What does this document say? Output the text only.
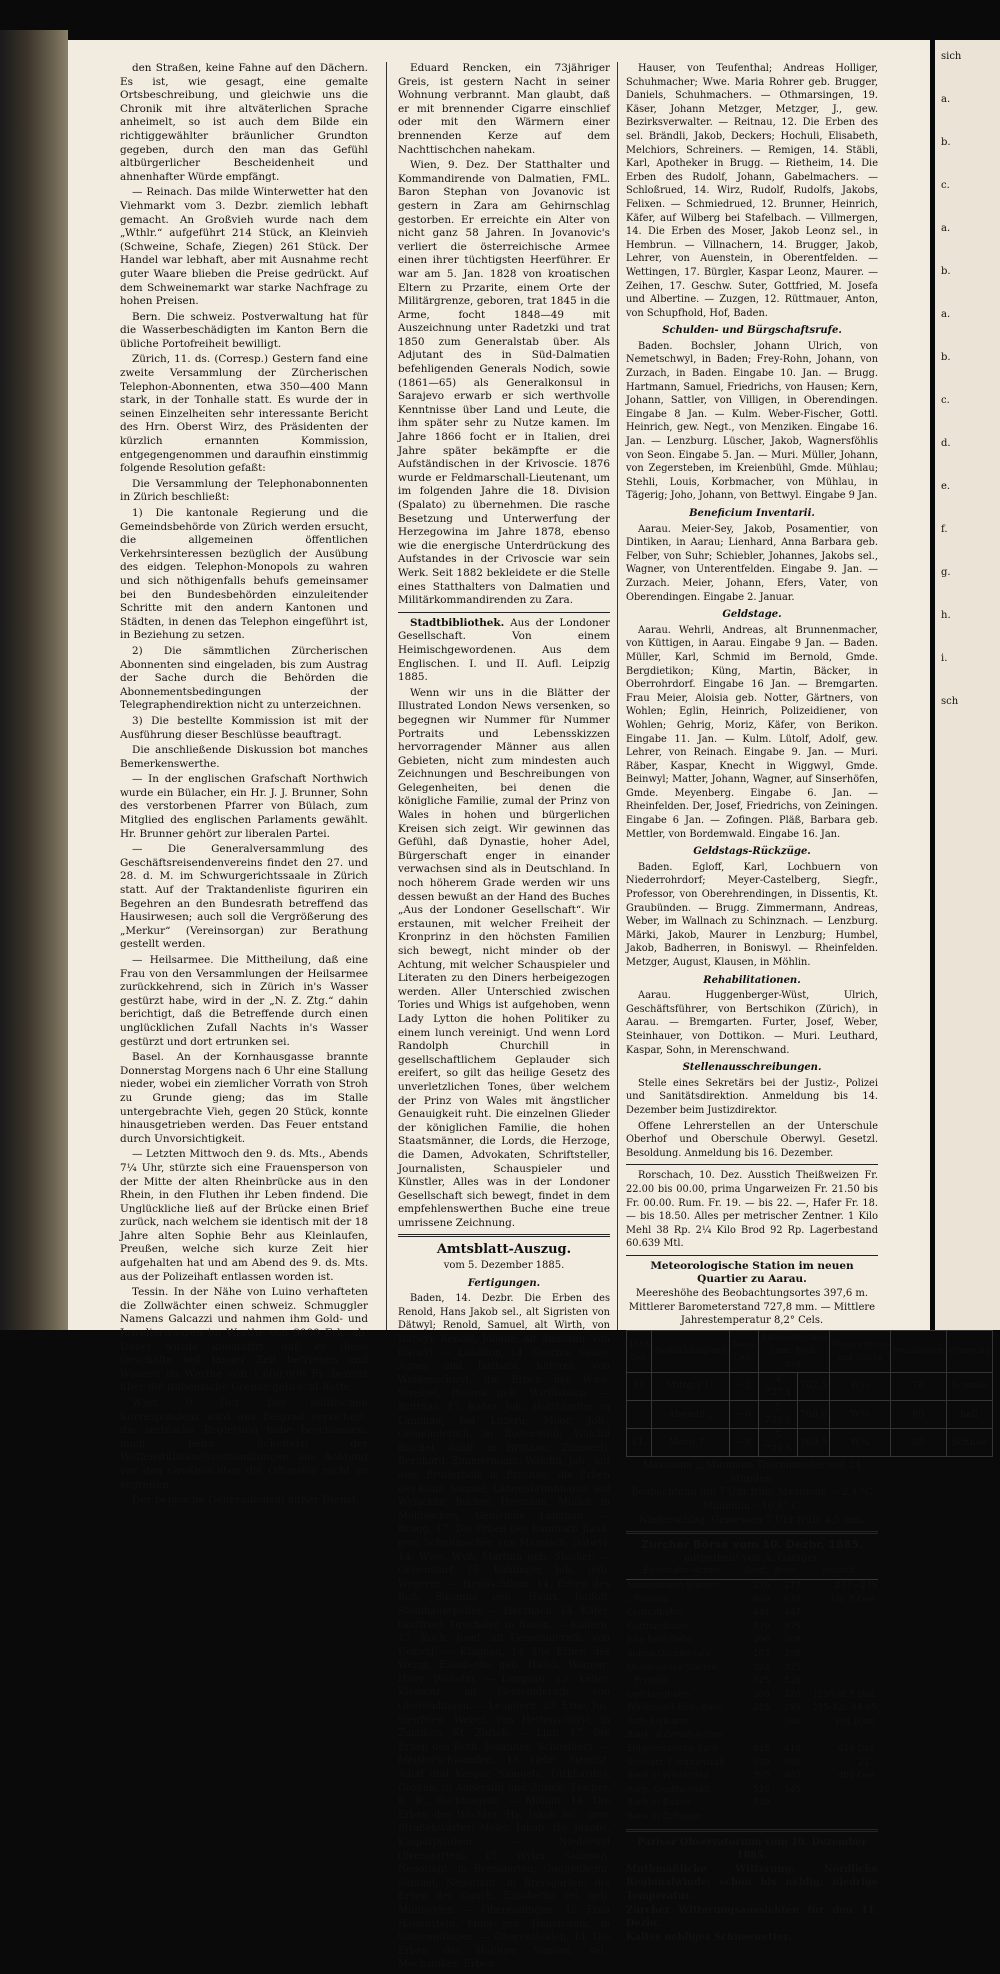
den Straßen, keine Fahne auf den Dächern. Es ist, wie gesagt, eine gemalte Ortsbeschreibung, und gleichwie uns die Chronik mit ihre altväterlichen Sprache anheimelt, so ist auch dem Bilde ein richtiggewählter bräunlicher Grundton gegeben, durch den man das Gefühl altbürgerlicher Bescheidenheit und ahnenhafter Würde empfängt.

— Reinach. Das milde Winterwetter hat den Viehmarkt vom 3. Dezbr. ziemlich lebhaft gemacht. An Großvieh wurde nach dem „Wthlr.“ aufgeführt 214 Stück, an Kleinvieh (Schweine, Schafe, Ziegen) 261 Stück. Der Handel war lebhaft, aber mit Ausnahme recht guter Waare blieben die Preise gedrückt. Auf dem Schweinemarkt war starke Nachfrage zu hohen Preisen.

Bern. Die schweiz. Postverwaltung hat für die Wasserbeschädigten im Kanton Bern die übliche Portofreiheit bewilligt.

Zürich, 11. ds. (Corresp.) Gestern fand eine zweite Versammlung der Zürcherischen Telephon-Abonnenten, etwa 350—400 Mann stark, in der Tonhalle statt. Es wurde der in seinen Einzelheiten sehr interessante Bericht des Hrn. Oberst Wirz, des Präsidenten der kürzlich ernannten Kommission, entgegengenommen und daraufhin einstimmig folgende Resolution gefaßt:

Die Versammlung der Telephonabonnenten in Zürich beschließt:

1) Die kantonale Regierung und die Gemeindsbehörde von Zürich werden ersucht, die allgemeinen öffentlichen Verkehrsinteressen bezüglich der Ausübung des eidgen. Telephon-Monopols zu wahren und sich nöthigenfalls behufs gemeinsamer bei den Bundesbehörden einzuleitender Schritte mit den andern Kantonen und Städten, in denen das Telephon eingeführt ist, in Beziehung zu setzen.

2) Die sämmtlichen Zürcherischen Abonnenten sind eingeladen, bis zum Austrag der Sache durch die Behörden die Abonnementsbedingungen der Telegraphendirektion nicht zu unterzeichnen.

3) Die bestellte Kommission ist mit der Ausführung dieser Beschlüsse beauftragt.

Die anschließende Diskussion bot manches Bemerkenswerthe.

— In der englischen Grafschaft Northwich wurde ein Bülacher, ein Hr. J. J. Brunner, Sohn des verstorbenen Pfarrer von Bülach, zum Mitglied des englischen Parlaments gewählt. Hr. Brunner gehört zur liberalen Partei.

— Die Generalversammlung des Geschäftsreisendenvereins findet den 27. und 28. d. M. im Schwurgerichtssaale in Zürich statt. Auf der Traktandenliste figuriren ein Begehren an den Bundesrath betreffend das Hausirwesen; auch soll die Vergrößerung des „Merkur“ (Vereinsorgan) zur Berathung gestellt werden.

— Heilsarmee. Die Mittheilung, daß eine Frau von den Versammlungen der Heilsarmee zurückkehrend, sich in Zürich in's Wasser gestürzt habe, wird in der „N. Z. Ztg.“ dahin berichtigt, daß die Betreffende durch einen unglücklichen Zufall Nachts in's Wasser gestürzt und dort ertrunken sei.

Basel. An der Kornhausgasse brannte Donnerstag Morgens nach 6 Uhr eine Stallung nieder, wobei ein ziemlicher Vorrath von Stroh zu Grunde gieng; das im Stalle untergebrachte Vieh, gegen 20 Stück, konnte hinausgetrieben werden. Das Feuer entstand durch Unvorsichtigkeit.

— Letzten Mittwoch den 9. ds. Mts., Abends 7¼ Uhr, stürzte sich eine Frauensperson von der Mitte der alten Rheinbrücke aus in den Rhein, in den Fluthen ihr Leben findend. Die Unglückliche ließ auf der Brücke einen Brief zurück, nach welchem sie identisch mit der 18 Jahre alten Sophie Behr aus Kleinlaufen, Preußen, welche sich kurze Zeit hier aufgehalten hat und am Abend des 9. ds. Mts. aus der Polizeihaft entlassen worden ist.

Tessin. In der Nähe von Luino verhafteten die Zollwächter einen schweiz. Schmuggler Namens Galcazzi und nahmen ihm Gold- und Juwelierwaaren im Werthe von 9000 Frk. ab. Dabei wurde konstatirt, daß er diese Geschäfte seit langer Zeit betrieben und Waaren im Werthe von 1,600,000 Fr. bereits über die italienische Grenze gebracht hatte.

Wien, 9. Dez. Der politischen Korrespondenz wird aus Belgrad versichert, die serbische Regierung habe beschlossen, auch beim Scheitern der Waffenstillstandsverhandlungen aus Achtung vor den Großmächten die Offensive nicht zu ergreifen.

Der belgische Generalkonsul außer Dienst

Eduard Rencken, ein 73jähriger Greis, ist gestern Nacht in seiner Wohnung verbrannt. Man glaubt, daß er mit brennender Cigarre einschlief oder mit den Wärmern einer brennenden Kerze auf dem Nachttischchen nahekam.

Wien, 9. Dez. Der Statthalter und Kommandirende von Dalmatien, FML. Baron Stephan von Jovanovic ist gestern in Zara am Gehirnschlag gestorben. Er erreichte ein Alter von nicht ganz 58 Jahren. In Jovanovic's verliert die österreichische Armee einen ihrer tüchtigsten Heerführer. Er war am 5. Jan. 1828 von kroatischen Eltern zu Przarite, einem Orte der Militärgrenze, geboren, trat 1845 in die Arme, focht 1848—49 mit Auszeichnung unter Radetzki und trat 1850 zum Generalstab über. Als Adjutant des in Süd-Dalmatien befehligenden Generals Nodich, sowie (1861—65) als Generalkonsul in Sarajevo erwarb er sich werthvolle Kenntnisse über Land und Leute, die ihm später sehr zu Nutze kamen. Im Jahre 1866 focht er in Italien, drei Jahre später bekämpfte er die Aufständischen in der Krivoscie. 1876 wurde er Feldmarschall-Lieutenant, um im folgenden Jahre die 18. Division (Spalato) zu übernehmen. Die rasche Besetzung und Unterwerfung der Herzegowina im Jahre 1878, ebenso wie die energische Unterdrückung des Aufstandes in der Crivoscie war sein Werk. Seit 1882 bekleidete er die Stelle eines Statthalters von Dalmatien und Militärkommandirenden zu Zara.

Stadtbibliothek. Aus der Londoner Gesellschaft. Von einem Heimischgewordenen. Aus dem Englischen. I. und II. Aufl. Leipzig 1885.

Wenn wir uns in die Blätter der Illustrated London News versenken, so begegnen wir Nummer für Nummer Portraits und Lebensskizzen hervorragender Männer aus allen Gebieten, nicht zum mindesten auch Zeichnungen und Beschreibungen von Gelegenheiten, bei denen die königliche Familie, zumal der Prinz von Wales in hohen und bürgerlichen Kreisen sich zeigt. Wir gewinnen das Gefühl, daß Dynastie, hoher Adel, Bürgerschaft enger in einander verwachsen sind als in Deutschland. In noch höherem Grade werden wir uns dessen bewußt an der Hand des Buches „Aus der Londoner Gesellschaft“. Wir erstaunen, mit welcher Freiheit der Kronprinz in den höchsten Familien sich bewegt, nicht minder ob der Achtung, mit welcher Schauspieler und Literaten zu den Diners herbeigezogen werden. Aller Unterschied zwischen Tories und Whigs ist aufgehoben, wenn Lady Lytton die hohen Politiker zu einem lunch vereinigt. Und wenn Lord Randolph Churchill in gesellschaftlichem Geplauder sich ereifert, so gilt das heilige Gesetz des unverletzlichen Tones, über welchem der Prinz von Wales mit ängstlicher Genauigkeit ruht. Die einzelnen Glieder der königlichen Familie, die hohen Staatsmänner, die Lords, die Herzoge, die Damen, Advokaten, Schriftsteller, Journalisten, Schauspieler und Künstler, Alles was in der Londoner Gesellschaft sich bewegt, findet in dem empfehlenswerthen Buche eine treue umrissene Zeichnung.

Amtsblatt-Auszug.
vom 5. Dezember 1885.
Fertigungen.

Baden, 14. Dezbr. Die Erben des Renold, Hans Jakob sel., alt Sigristen von Dätwyl; Renold, Samuel, alt Wirth, von Dätwyl; Renold, Johann, alt Ammann, von Dätwyl. — Lüblikon, 14. Geschw. Seiler, Agnes und Barbara, Käferes, von Wohlenschwyl; die Erben der Wwe. Streibel, Helena geb. Wirtlisbach. — Brittnau, 17. Räber, Joh., Holzhändler, in Langnau, bei Luzern; Moor, Joh., Gemeinderath, in Bodenwald; Wälchli Bischel, Adolf, in Brittnau; Zimmerli, Bernhard, Zimmermann; Wälchli, Joh., auf dem Bruderhöfli in Brittnau; die Erben des Kunz, Samuel, Längenbrunnhards, auf Wylacker; Bucher, Hermann, Müller, in Mehlsecken, Gemeinde Langnau. — Brugg, 17. Die Erben des Dambach Jlaak, gew. Schuhmacher, von Mandach; Dätwyl, 14. Wwe. Wyß, Martina geb. Stocker. — Gebenstorf, 15. Baldinger, Joh., geb. Wegerer. — Hendschiken, 14. Erben des Boß, Susanna geb. Hauri, Rudolf, Steinhauerpolier. — Herznach, 14. Käfer, Gottfried, Drechsler, in Baden. — Kallern, 15. Koch, Josef, alt Gemeinderath, von Uezwyl. — Kingnau, 14. Die Erben des Wengi, Elisabetha geb. Häfeli, Wagner; Hauy, Wilhelm. — Lengnau, 13. Keller, Klemenz, alt Gemeinderath, von Oberendingen. — Leuggern, 13. Erne, Jos. Siegfried, Weber, von Hettenschwyl, in Zumikon, Kt. Zürich. — Linn, 17. Die Erben des Roth, Johannes, Schneiders. — Meisterschwanden, 13 Gebr. Siegrist, Adolf und Kaspar, Samuels, Turkhardes, Großen, in Außersihl und Zürich; Fischer, K. R., Rechtsagent. — Möhlin, 14. Die Erben des Wächter, Hs. Jakob sel., gew. Straßenwärter; Meier, Jakob, Hs. Jakobs, Kasparjakoben. — Niederwyl (Bremgarten), 15. Wyler, Salomon, Negotiant, in Bremgarten; Guggenheim, Samuel, Negotiant, in Bremgarten; die Erben der Gauch, Elisabetha sel. geb. Muntwyler. — Oberendingen, 15 Frau Hauenstein, Mina geb. Hauenstein, in Unterendingen. — Oberentfelden, 14. Die Erben des Holliger, Samuel, sel., Mechaniker; Erben

Hauser, von Teufenthal; Andreas Holliger, Schuhmacher; Wwe. Maria Rohrer geb. Brugger, Daniels, Schuhmachers. — Othmarsingen, 19. Käser, Johann Metzger, Metzger, J., gew. Bezirksverwalter. — Reitnau, 12. Die Erben des sel. Brändli, Jakob, Deckers; Hochuli, Elisabeth, Melchiors, Schreiners. — Remigen, 14. Stäbli, Karl, Apotheker in Brugg. — Rietheim, 14. Die Erben des Rudolf, Johann, Gabelmachers. — Schloßrued, 14. Wirz, Rudolf, Rudolfs, Jakobs, Felixen. — Schmiedrued, 12. Brunner, Heinrich, Käfer, auf Wilberg bei Stafelbach. — Villmergen, 14. Die Erben des Moser, Jakob Leonz sel., in Hembrun. — Villnachern, 14. Brugger, Jakob, Lehrer, von Auenstein, in Oberentfelden. — Wettingen, 17. Bürgler, Kaspar Leonz, Maurer. — Zeihen, 17. Geschw. Suter, Gottfried, M. Josefa und Albertine. — Zuzgen, 12. Rüttmauer, Anton, von Schupfhold, Hof, Baden.

Schulden- und Bürgschaftsrufe.

Baden. Bochsler, Johann Ulrich, von Nemetschwyl, in Baden; Frey-Rohn, Johann, von Zurzach, in Baden. Eingabe 10. Jan. — Brugg. Hartmann, Samuel, Friedrichs, von Hausen; Kern, Johann, Sattler, von Villigen, in Oberendingen. Eingabe 8 Jan. — Kulm. Weber-Fischer, Gottl. Heinrich, gew. Negt., von Menziken. Eingabe 16. Jan. — Lenzburg. Lüscher, Jakob, Wagnersföhlis von Seon. Eingabe 5. Jan. — Muri. Müller, Johann, von Zegersteben, im Kreienbühl, Gmde. Mühlau; Stehli, Louis, Korbmacher, von Mühlau, in Tägerig; Joho, Johann, von Bettwyl. Eingabe 9 Jan.

Beneficium Inventarii.

Aarau. Meier-Sey, Jakob, Posamentier, von Dintiken, in Aarau; Lienhard, Anna Barbara geb. Felber, von Suhr; Schiebler, Johannes, Jakobs sel., Wagner, von Unterentfelden. Eingabe 9. Jan. — Zurzach. Meier, Johann, Efers, Vater, von Oberendingen. Eingabe 2. Januar.

Geldstage.

Aarau. Wehrli, Andreas, alt Brunnenmacher, von Küttigen, in Aarau. Eingabe 9 Jan. — Baden. Müller, Karl, Schmid im Bernold, Gmde. Bergdietikon; Küng, Martin, Bäcker, in Oberrohrdorf. Eingabe 16 Jan. — Bremgarten. Frau Meier, Aloisia geb. Notter, Gärtners, von Wohlen; Eglin, Heinrich, Polizeidiener, von Wohlen; Gehrig, Moriz, Käfer, von Berikon. Eingabe 11. Jan. — Kulm. Lütolf, Adolf, gew. Lehrer, von Reinach. Eingabe 9. Jan. — Muri. Räber, Kaspar, Knecht in Wiggwyl, Gmde. Beinwyl; Matter, Johann, Wagner, auf Sinserhöfen, Gmde. Meyenberg. Eingabe 6. Jan. — Rheinfelden. Der, Josef, Friedrichs, von Zeiningen. Eingabe 6 Jan. — Zofingen. Pläß, Barbara geb. Mettler, von Bordemwald. Eingabe 16. Jan.

Geldstags-Rückzüge.

Baden. Egloff, Karl, Lochbuern von Niederrohrdorf; Meyer-Castelberg, Siegfr., Professor, von Oberehrendingen, in Dissentis, Kt. Graubünden. — Brugg. Zimmermann, Andreas, Weber, im Wallnach zu Schinznach. — Lenzburg. Märki, Jakob, Maurer in Lenzburg; Humbel, Jakob, Badherren, in Boniswyl. — Rheinfelden. Metzger, August, Klausen, in Möhlin.

Rehabilitationen.

Aarau. Huggenberger-Wüst, Ulrich, Geschäftsführer, von Bertschikon (Zürich), in Aarau. — Bremgarten. Furter, Josef, Weber, Steinhauer, von Dottikon. — Muri. Leuthard, Kaspar, Sohn, in Merenschwand.

Stellenausschreibungen.

Stelle eines Sekretärs bei der Justiz-, Polizei und Sanitätsdirektion. Anmeldung bis 14. Dezember beim Justizdirektor.

Offene Lehrerstellen an der Unterschule Oberhof und Oberschule Oberwyl. Gesetzl. Besoldung. Anmeldung bis 16. Dezember.

Rorschach, 10. Dez. Ausstich Theißweizen Fr. 22.00 bis 00.00, prima Ungarweizen Fr. 21.50 bis Fr. 00.00. Rum. Fr. 19. — bis 22. —, Hafer Fr. 18. — bis 18.50. Alles per metrischer Zentner. 1 Kilo Mehl 38 Rp. 2¼ Kilo Brod 92 Rp. Lagerbestand 60.639 Mtl.

Meteorologische Station im neuen Quartier zu Aarau.
Meereshöhe des Beobachtungsortes 397,6 m.
Mittlerer Barometerstand 727,8 mm. — Mittlere Jahrestemperatur 8,2° Cels.
1885 Dez.	Beobachtungszeit	Temp. Cels.	Barometerstand i.mm. Beob. Red.		Windrichtung und Stärke	Feuchtigkeit	Witterung
10	Mittg.1 U.	−2	4 727,1	762,5	W¼	76	Schnee
	Abend9 „	−6	5 732,6	768,0	W¼	80	hell
11.	Morg.7 „	−8	5 733,5	769,3	W¼	85	Schnee
Maximum △ Minimum Thermometer seit 24 Stunden.
Beobachtung um 7 Uhr früh: Maximum − 2,4 °C
Minimum −10,8° C.
Niederschlag. Gemessen 7 Uhr früh: 4,5 mm.
Zürcher Börse vom 10. Dezbr. 1885.
mitgetheilt von A. Gamper.
Eisenbahn-Actien.	Geld.	Brief.	bezahlt.
Nordostbahn Stamm	276	277	277—279
„ Priorität	660	670	[dt. 5 Dez.
Centralbahn	441	447	
Gotthardbahn	570	575	
Jura-Bern-Bahn	206	208	
Suisse Occidentale	107	108	
Union-suisse Stamm	324	325	
„ Priorität	525	528	
Uetlibergbahn	200	220	[290 dt.5 Dez.
Wädenswil-Eins.-Bahn	285	295	285-82c-88-85
Arth-Rigibahn		300	101 [Dez.
Bank- & Credit-Actien.			
Eidgenössische Bank	415	418	418 Dez.
Schweiz. Creditanstalt	680	690	21 „
Bank in Winterthur	395	403	400 Dez.
Aarg. Creditanstalt	520	545	
Bank in Baden	550		
Bank in Zofingen			
Pariser Observatorium vom 10. Dezember 1885.
Muthmaßliche Witterung: Nördliche Regionalwinde; schön bis neblig; niedrige Temperatur.
Zürcher Witterungsaussichten für den 11. Dezbr.
Kaltes nebliges Schneewetter.
sich
a.
b.
c.
a.
b.
a.
b.
c.
d.
e.
f.
g.
h.
i.
sch
